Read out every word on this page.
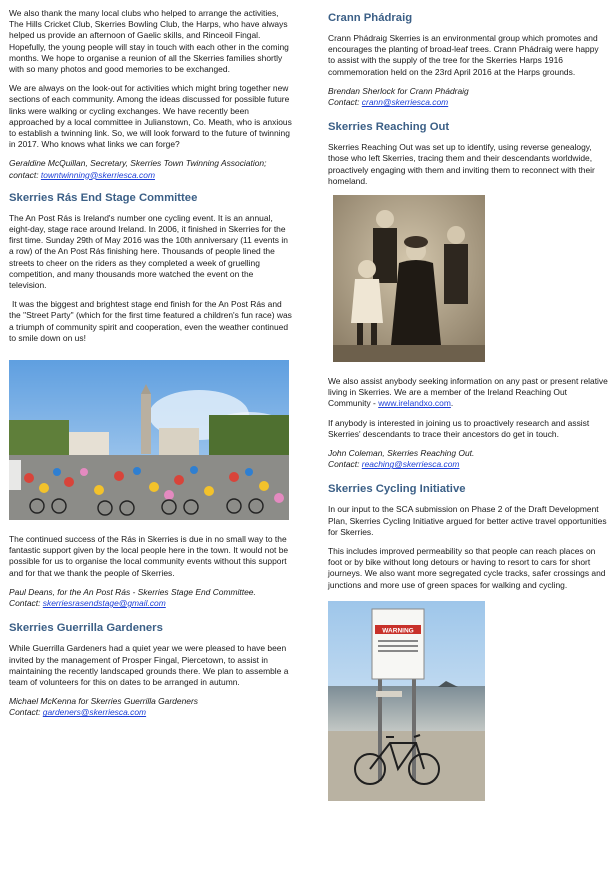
We also thank the many local clubs who helped to arrange the activities, The Hills Cricket Club, Skerries Bowling Club, the Harps, who have always helped us provide an afternoon of Gaelic skills, and Rinceoil Fingal. Hopefully, the young people will stay in touch with each other in the coming months. We hope to organise a reunion of all the Skerries families shortly with so many photos and good memories to be exchanged.

We are always on the look-out for activities which might bring together new sections of each community. Among the ideas discussed for possible future links were walking or cycling exchanges. We have recently been approached by a local committee in Julianstown, Co. Meath, who is anxious to establish a twinning link. So, we will look forward to the future of twinning in 2017. Who knows what links we can forge?

Geraldine McQuillan, Secretary, Skerries Town Twinning Association; contact: towntwinning@skerriesca.com

Skerries Rás End Stage Committee

The An Post Rás is Ireland's number one cycling event. It is an annual, eight-day, stage race around Ireland. In 2006, it finished in Skerries for the first time. Sunday 29th of May 2016 was the 10th anniversary (11 events in a row) of the An Post Rás finishing here. Thousands of people lined the streets to cheer on the riders as they completed a week of gruelling competition, and many thousands more watched the event on the television.

It was the biggest and brightest stage end finish for the An Post Rás and the "Street Party" (which for the first time featured a children's fun race) was a triumph of community spirit and cooperation, even the weather continued to smile down on us!

The continued success of the Rás in Skerries is due in no small way to the fantastic support given by the local people here in the town. It would not be possible for us to organise the local community events without this support and for that we thank the people of Skerries.

Paul Deans, for the An Post Rás - Skerries Stage End Committee.
Contact: skerriesrasendstage@gmail.com

Skerries Guerrilla Gardeners

While Guerrilla Gardeners had a quiet year we were pleased to have been invited by the management of Prosper Fingal, Piercetown, to assist in maintaining the recently landscaped grounds there. We plan to assemble a team of volunteers for this on dates to be arranged in autumn.

Michael McKenna for Skerries Guerrilla Gardeners
Contact: gardeners@skerriesca.com

Crann Phádraig

Crann Phádraig Skerries is an environmental group which promotes and encourages the planting of broad-leaf trees. Crann Phádraig were happy to assist with the supply of the tree for the Skerries Harps 1916 commemoration held on the 23rd April 2016 at the Harps grounds.

Brendan Sherlock for Crann Phádraig
Contact: crann@skerriesca.com

Skerries Reaching Out

Skerries Reaching Out was set up to identify, using reverse genealogy, those who left Skerries, tracing them and their descendants worldwide, proactively engaging with them and inviting them to reconnect with their homeland.

We also assist anybody seeking information on any past or present relative living in Skerries. We are a member of the Ireland Reaching Out Community - www.irelandxo.com.

If anybody is interested in joining us to proactively research and assist Skerries' descendants to trace their ancestors do get in touch.

John Coleman, Skerries Reaching Out.
Contact: reaching@skerriesca.com

Skerries Cycling Initiative

In our input to the SCA submission on Phase 2 of the Draft Development Plan, Skerries Cycling Initiative argued for better active travel opportunities for Skerries.

This includes improved permeability so that people can reach places on foot or by bike without long detours or having to resort to cars for short journeys. We also want more segregated cycle tracks, safer crossings and junctions and more use of green spaces for walking and cycling.

WARNING
